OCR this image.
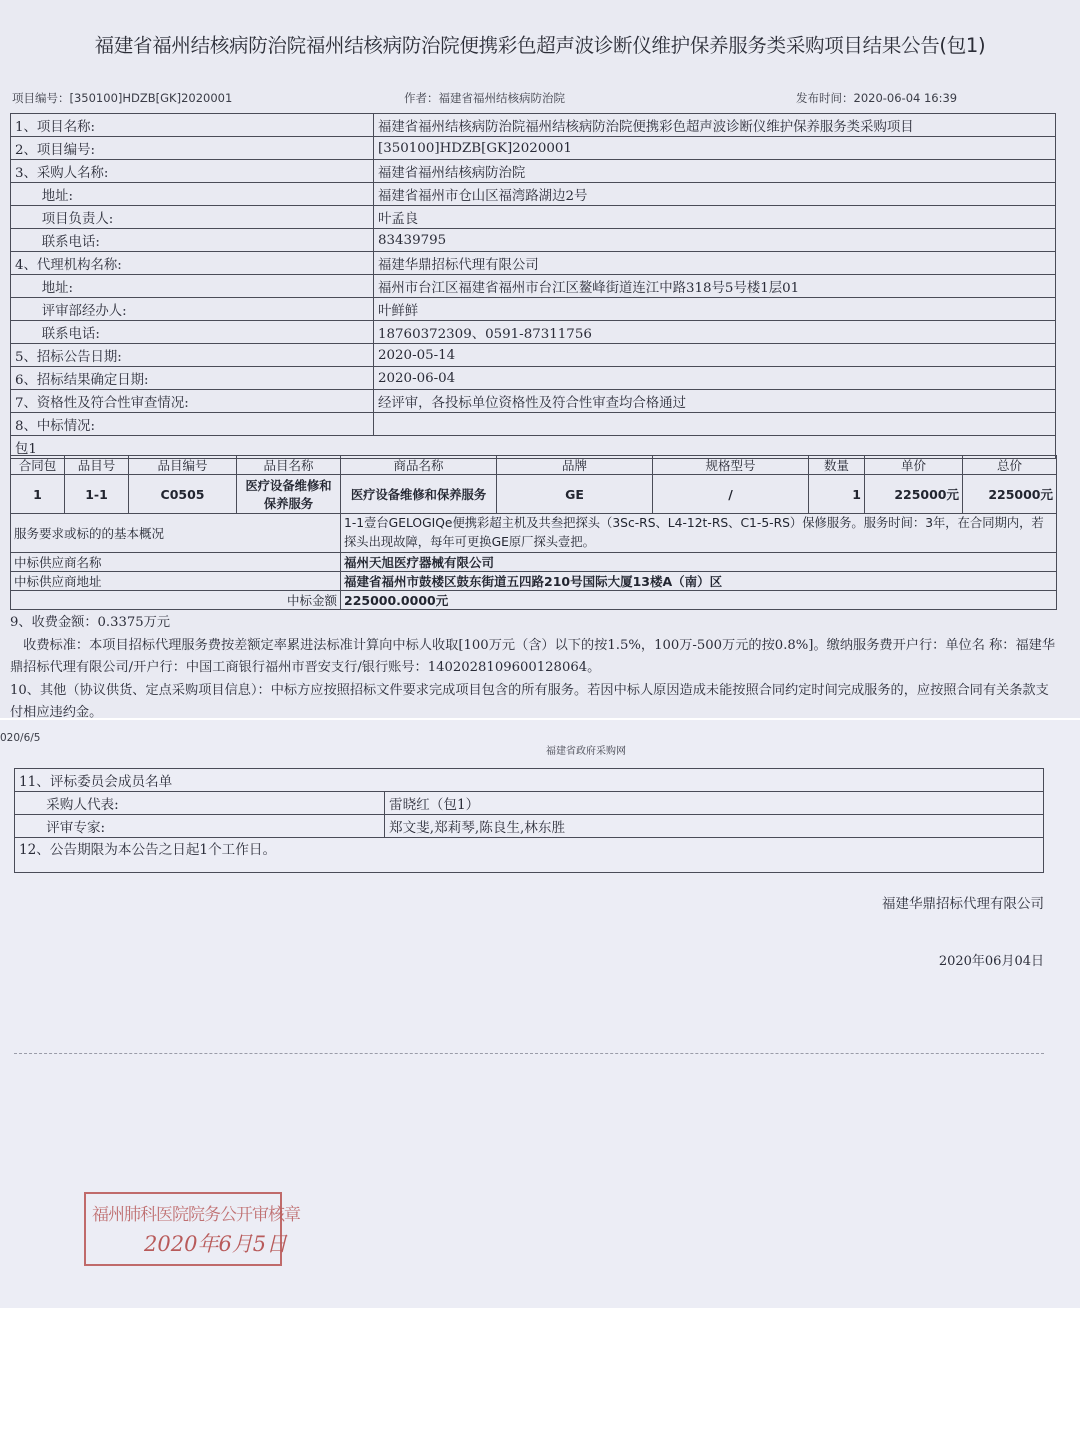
福建省福州结核病防治院福州结核病防治院便携彩色超声波诊断仪维护保养服务类采购项目结果公告(包1)
项目编号：[350100]HDZB[GK]2020001	作者：福建省福州结核病防治院	发布时间：2020-06-04 16:39
1、项目名称:	福建省福州结核病防治院福州结核病防治院便携彩色超声波诊断仪维护保养服务类采购项目
2、项目编号:	[350100]HDZB[GK]2020001
3、采购人名称:	福建省福州结核病防治院
　　地址:	福建省福州市仓山区福湾路湖边2号
　　项目负责人:	叶孟良
　　联系电话:	83439795
4、代理机构名称:	福建华鼎招标代理有限公司
　　地址:	福州市台江区福建省福州市台江区鳌峰街道连江中路318号5号楼1层01
　　评审部经办人:	叶鲜鲜
　　联系电话:	18760372309、0591-87311756
5、招标公告日期:	2020-05-14
6、招标结果确定日期:	2020-06-04
7、资格性及符合性审查情况:	经评审，各投标单位资格性及符合性审查均合格通过
8、中标情况:	
包1	
合同包	品目号	品目编号	品目名称	商品名称	品牌	规格型号	数量	单价	总价
1	1-1	C0505	医疗设备维修和保养服务	医疗设备维修和保养服务	GE	/	1	225000元	225000元
服务要求或标的的基本概况				1-1壹台GELOGIQe便携彩超主机及共叁把探头（3Sc-RS、L4-12t-RS、C1-5-RS）保修服务。服务时间：3年，在合同期内，若探头出现故障，每年可更换GE原厂探头壹把。					
中标供应商名称				福州天旭医疗器械有限公司					
中标供应商地址				福建省福州市鼓楼区鼓东街道五四路210号国际大厦13楼A（南）区					
中标金额				225000.0000元					
9、收费金额：0.3375万元
　收费标准：本项目招标代理服务费按差额定率累进法标准计算向中标人收取[100万元（含）以下的按1.5%，100万-500万元的按0.8%]。缴纳服务费开户行：单位名 称：福建华鼎招标代理有限公司/开户行：中国工商银行福州市晋安支行/银行账号：1402028109600128064。
10、其他（协议供货、定点采购项目信息）：中标方应按照招标文件要求完成项目包含的所有服务。若因中标人原因造成未能按照合同约定时间完成服务的，应按照合同有关条款支付相应违约金。
020/6/5
福建省政府采购网
11、评标委员会成员名单	
　　采购人代表:	雷晓红（包1）
　　评审专家:	郑文斐,郑莉琴,陈良生,林东胜
12、公告期限为本公告之日起1个工作日。	
福建华鼎招标代理有限公司
2020年06月04日
福州肺科医院院务公开审核章
2020年6月5日
